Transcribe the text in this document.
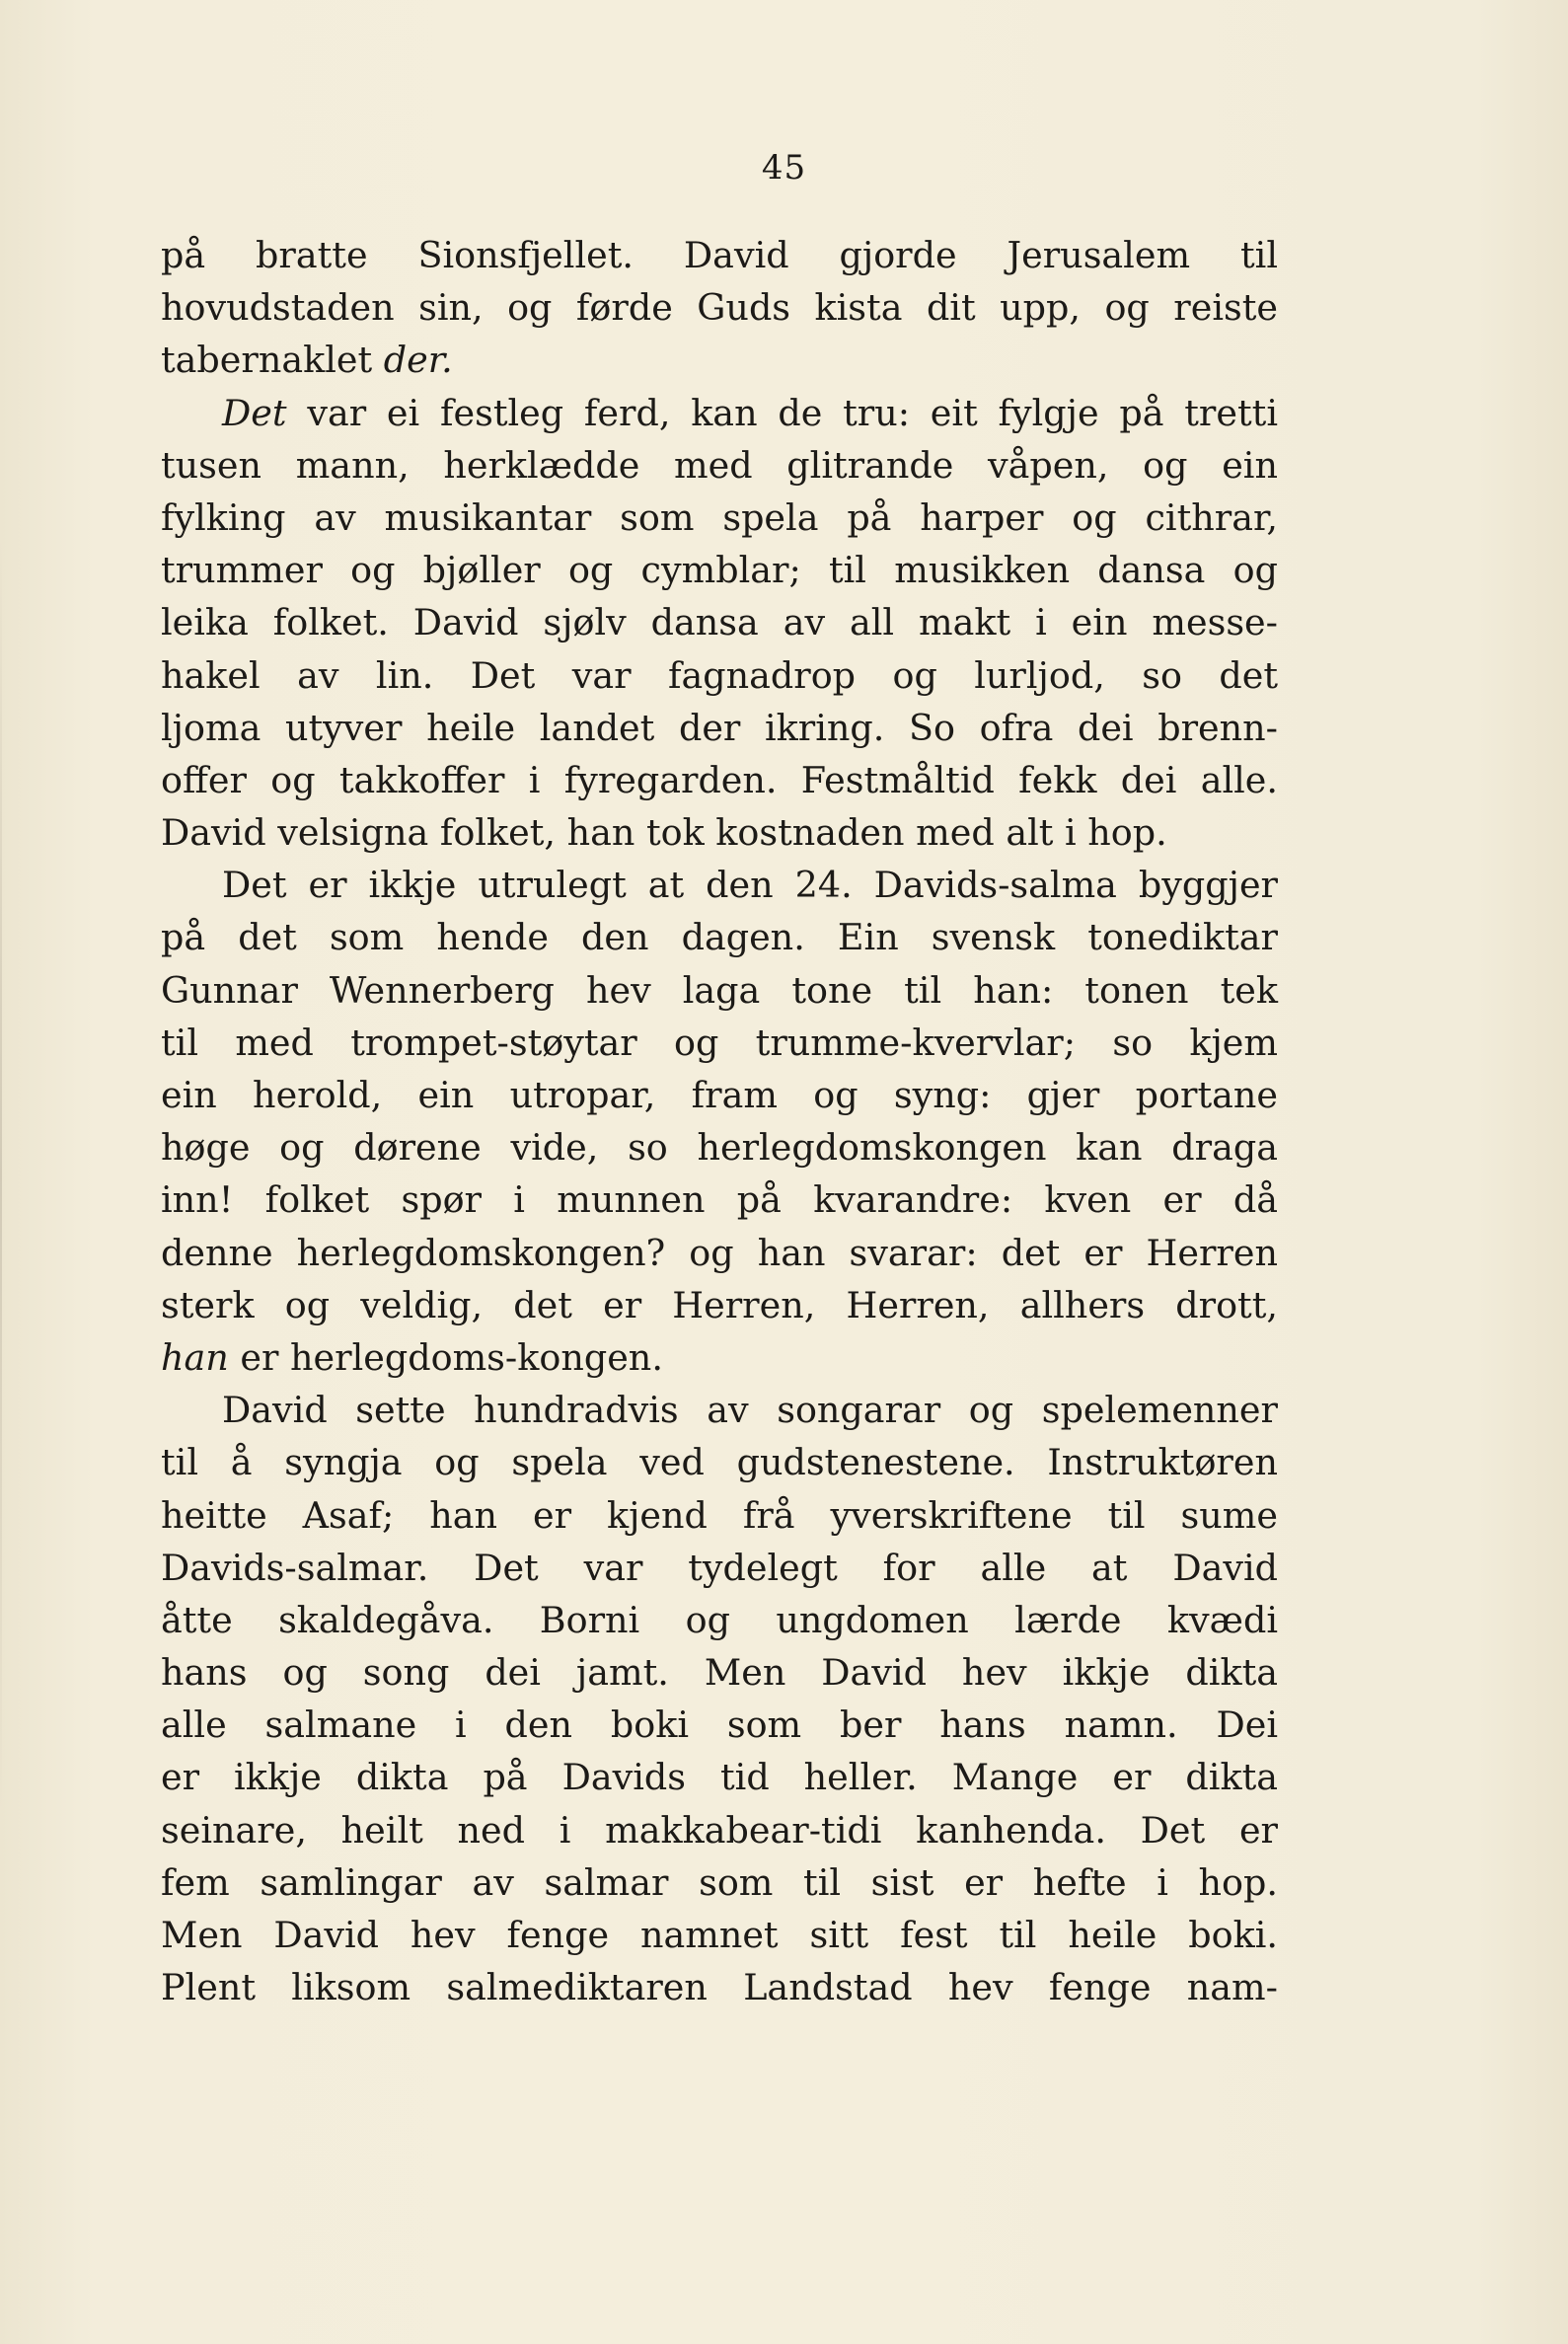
45
på bratte Sionsfjellet. David gjorde Jerusalem til
hovudstaden sin, og førde Guds kista dit upp, og reiste
tabernaklet der.
Det var ei festleg ferd, kan de tru: eit fylgje på tretti
tusen mann, herklædde med glitrande våpen, og ein
fylking av musikantar som spela på harper og cithrar,
trummer og bjøller og cymblar; til musikken dansa og
leika folket. David sjølv dansa av all makt i ein messe-
hakel av lin. Det var fagnadrop og lurljod, so det
ljoma utyver heile landet der ikring. So ofra dei brenn-
offer og takkoffer i fyregarden. Festmåltid fekk dei alle.
David velsigna folket, han tok kostnaden med alt i hop.
Det er ikkje utrulegt at den 24. Davids-salma byggjer
på det som hende den dagen. Ein svensk tonediktar
Gunnar Wennerberg hev laga tone til han: tonen tek
til med trompet-støytar og trumme-kvervlar; so kjem
ein herold, ein utropar, fram og syng: gjer portane
høge og dørene vide, so herlegdomskongen kan draga
inn! folket spør i munnen på kvarandre: kven er då
denne herlegdomskongen? og han svarar: det er Herren
sterk og veldig, det er Herren, Herren, allhers drott,
han er herlegdoms-kongen.
David sette hundradvis av songarar og spelemenner
til å syngja og spela ved gudstenestene. Instruktøren
heitte Asaf; han er kjend frå yverskriftene til sume
Davids-salmar. Det var tydelegt for alle at David
åtte skaldegåva. Borni og ungdomen lærde kvædi
hans og song dei jamt. Men David hev ikkje dikta
alle salmane i den boki som ber hans namn. Dei
er ikkje dikta på Davids tid heller. Mange er dikta
seinare, heilt ned i makkabear-tidi kanhenda. Det er
fem samlingar av salmar som til sist er hefte i hop.
Men David hev fenge namnet sitt fest til heile boki.
Plent liksom salmediktaren Landstad hev fenge nam-
